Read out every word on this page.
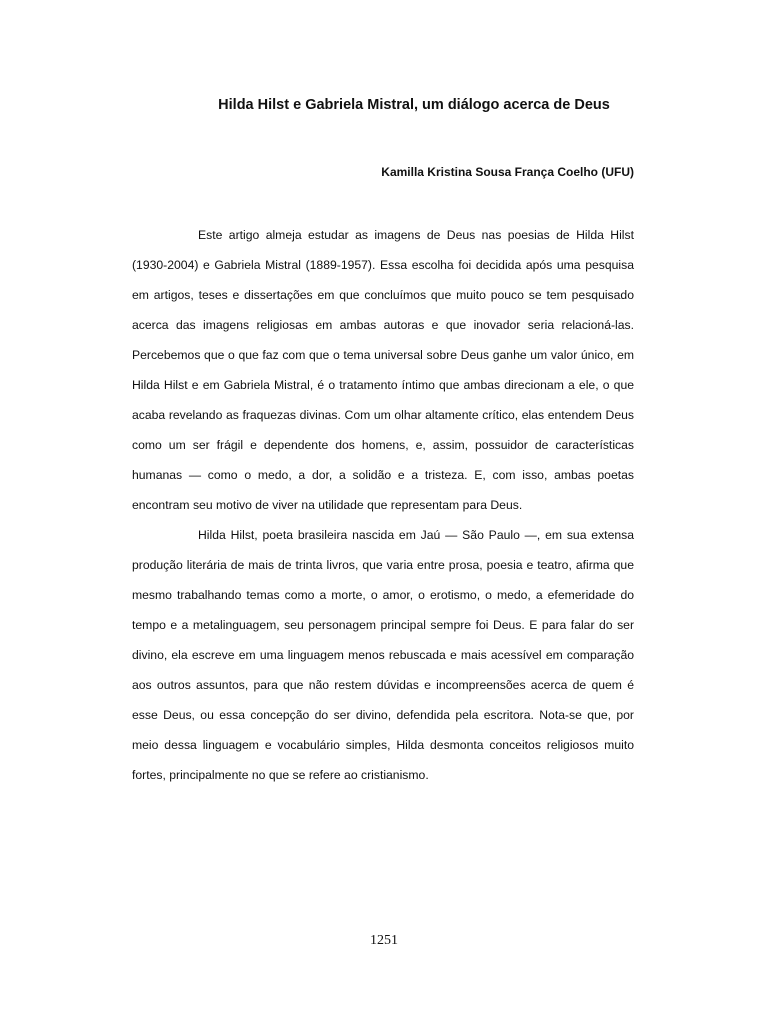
Hilda Hilst e Gabriela Mistral, um diálogo acerca de Deus
Kamilla Kristina Sousa França Coelho (UFU)

Este artigo almeja estudar as imagens de Deus nas poesias de Hilda Hilst (1930-2004) e Gabriela Mistral (1889-1957). Essa escolha foi decidida após uma pesquisa em artigos, teses e dissertações em que concluímos que muito pouco se tem pesquisado acerca das imagens religiosas em ambas autoras e que inovador seria relacioná-las. Percebemos que o que faz com que o tema universal sobre Deus ganhe um valor único, em Hilda Hilst e em Gabriela Mistral, é o tratamento íntimo que ambas direcionam a ele, o que acaba revelando as fraquezas divinas. Com um olhar altamente crítico, elas entendem Deus como um ser frágil e dependente dos homens, e, assim, possuidor de características humanas — como o medo, a dor, a solidão e a tristeza. E, com isso, ambas poetas encontram seu motivo de viver na utilidade que representam para Deus.

Hilda Hilst, poeta brasileira nascida em Jaú — São Paulo —, em sua extensa produção literária de mais de trinta livros, que varia entre prosa, poesia e teatro, afirma que mesmo trabalhando temas como a morte, o amor, o erotismo, o medo, a efemeridade do tempo e a metalinguagem, seu personagem principal sempre foi Deus. E para falar do ser divino, ela escreve em uma linguagem menos rebuscada e mais acessível em comparação aos outros assuntos, para que não restem dúvidas e incompreensões acerca de quem é esse Deus, ou essa concepção do ser divino, defendida pela escritora. Nota-se que, por meio dessa linguagem e vocabulário simples, Hilda desmonta conceitos religiosos muito fortes, principalmente no que se refere ao cristianismo.

1251
